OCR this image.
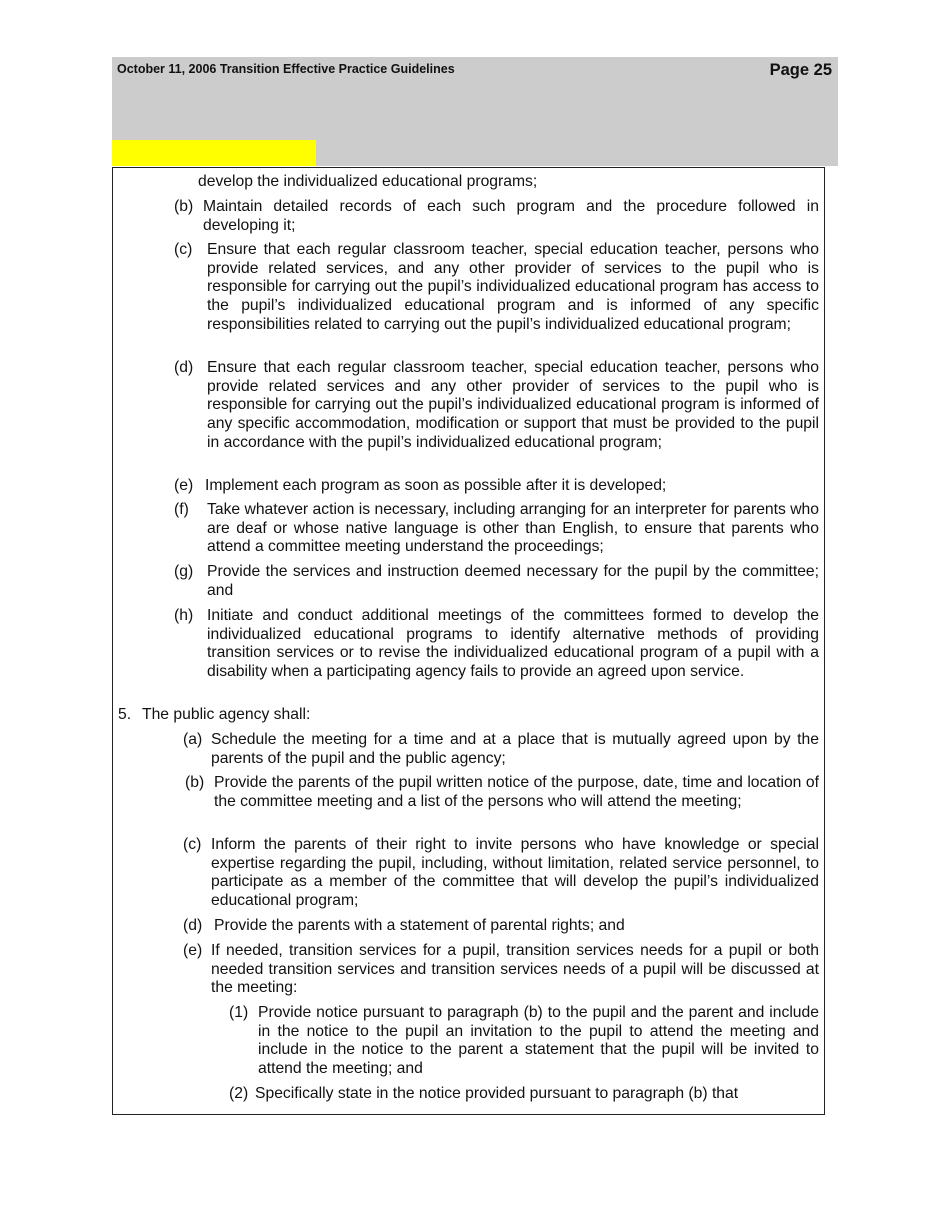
October 11, 2006 Transition Effective Practice Guidelines	Page 25
develop the individualized educational programs;
(b) Maintain detailed records of each such program and the procedure followed in developing it;
(c) Ensure that each regular classroom teacher, special education teacher, persons who provide related services, and any other provider of services to the pupil who is responsible for carrying out the pupil’s individualized educational program has access to the pupil’s individualized educational program and is informed of any specific responsibilities related to carrying out the pupil’s individualized educational program;
(d) Ensure that each regular classroom teacher, special education teacher, persons who provide related services and any other provider of services to the pupil who is responsible for carrying out the pupil’s individualized educational program is informed of any specific accommodation, modification or support that must be provided to the pupil in accordance with the pupil’s individualized educational program;
(e) Implement each program as soon as possible after it is developed;
(f) Take whatever action is necessary, including arranging for an interpreter for parents who are deaf or whose native language is other than English, to ensure that parents who attend a committee meeting understand the proceedings;
(g) Provide the services and instruction deemed necessary for the pupil by the committee; and
(h) Initiate and conduct additional meetings of the committees formed to develop the individualized educational programs to identify alternative methods of providing transition services or to revise the individualized educational program of a pupil with a disability when a participating agency fails to provide an agreed upon service.
5. The public agency shall:
(a) Schedule the meeting for a time and at a place that is mutually agreed upon by the parents of the pupil and the public agency;
(b) Provide the parents of the pupil written notice of the purpose, date, time and location of the committee meeting and a list of the persons who will attend the meeting;
(c) Inform the parents of their right to invite persons who have knowledge or special expertise regarding the pupil, including, without limitation, related service personnel, to participate as a member of the committee that will develop the pupil’s individualized educational program;
(d) Provide the parents with a statement of parental rights; and
(e) If needed, transition services for a pupil, transition services needs for a pupil or both needed transition services and transition services needs of a pupil will be discussed at the meeting:
(1) Provide notice pursuant to paragraph (b) to the pupil and the parent and include in the notice to the pupil an invitation to the pupil to attend the meeting and include in the notice to the parent a statement that the pupil will be invited to attend the meeting; and
(2) Specifically state in the notice provided pursuant to paragraph (b) that
